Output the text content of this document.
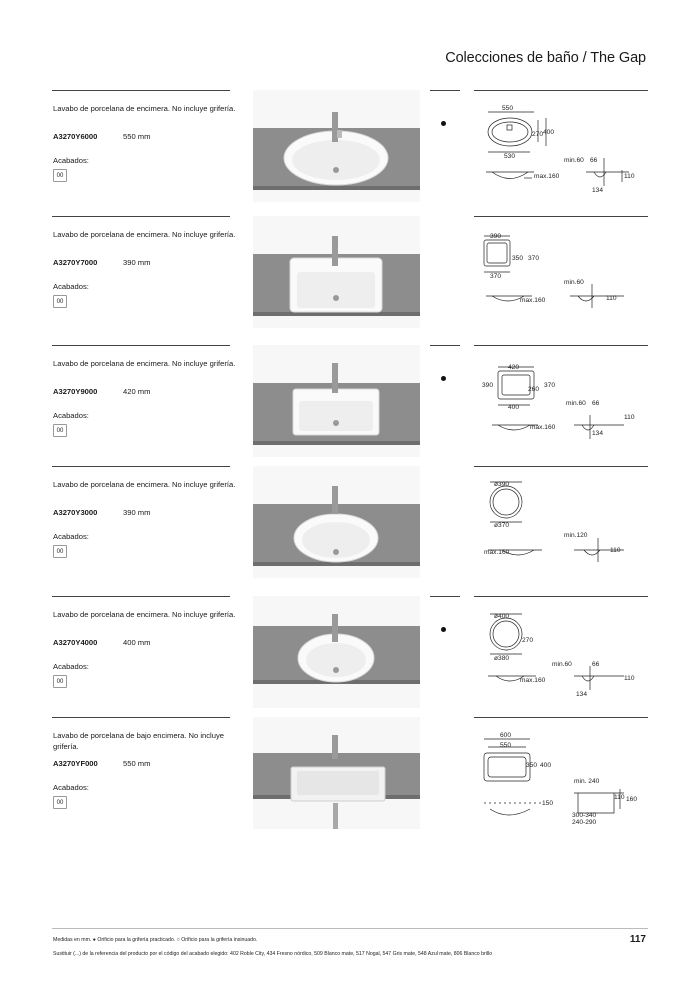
Colecciones de baño / The Gap
Lavabo de porcelana de encimera. No incluye grifería.
A3270Y6000	550 mm
Acabados:
00
550
270 400
530
min.60 66
max.160	110
134
Lavabo de porcelana de encimera. No incluye grifería.
A3270Y7000	390 mm
Acabados:
00
390
350 370
370
min.60
max.160	110
Lavabo de porcelana de encimera. No incluye grifería.
A3270Y9000	420 mm
Acabados:
00
420
390
260
370
400
min.60 66
max.160
110
134
Lavabo de porcelana de encimera. No incluye grifería.
A3270Y3000	390 mm
Acabados:
00
ø390
ø370
min.120
max.160	110
Lavabo de porcelana de encimera. No incluye grifería.
A3270Y4000	400 mm
Acabados:
00
ø400
270
ø380
min.60	66
max.160	110
134
Lavabo de porcelana de bajo encimera. No incluye grifería.
A3270YF000	550 mm
Acabados:
00
600
550
350 400
150
min. 240
110 160
300-340
240-290
Medidas en mm. ● Orificio para la grifería practicado. ○ Orificio para la grifería insinuado.
Sustituir (...) de la referencia del producto por el código del acabado elegido: 402 Roble City, 434 Fresno nórdico, 509 Blanco mate, 517 Nogal, 547 Gris mate, 548 Azul mate, 806 Blanco brillo
117
